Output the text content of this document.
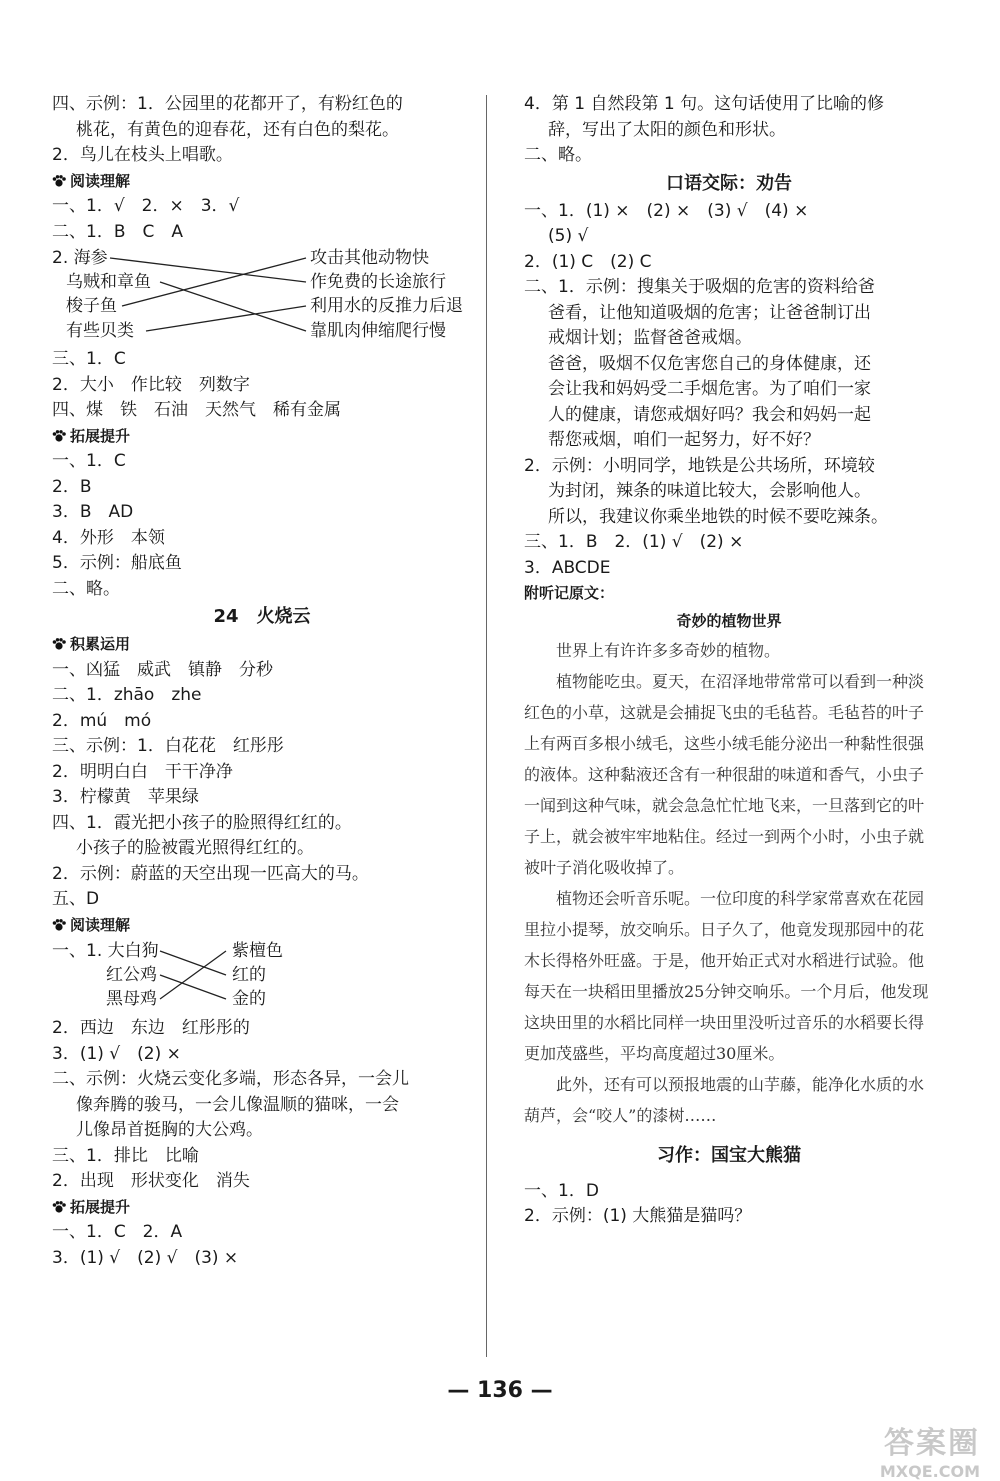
四、示例：1．公园里的花都开了，有粉红色的
桃花，有黄色的迎春花，还有白色的梨花。
2．鸟儿在枝头上唱歌。
阅读理解
一、1．√　2．×　3．√
二、1．B　C　A
2. 海参
乌贼和章鱼
梭子鱼
有些贝类
攻击其他动物快
作免费的长途旅行
利用水的反推力后退
靠肌肉伸缩爬行慢
三、1．C
2．大小　作比较　列数字
四、煤　铁　石油　天然气　稀有金属
拓展提升
一、1．C
2．B
3．B　AD
4．外形　本领
5．示例：船底鱼
二、略。
24　火烧云
积累运用
一、凶猛　威武　镇静　分秒
二、1．zhāo　zhe
2．mú　mó
三、示例：1．白花花　红彤彤
2．明明白白　干干净净
3．柠檬黄　苹果绿
四、1．霞光把小孩子的脸照得红红的。
小孩子的脸被霞光照得红红的。
2．示例：蔚蓝的天空出现一匹高大的马。
五、D
阅读理解
一、1. 大白狗
红公鸡
黑母鸡
紫檀色
红的
金的
2．西边　东边　红彤彤的
3．(1) √　(2) ×
二、示例：火烧云变化多端，形态各异，一会儿
像奔腾的骏马，一会儿像温顺的猫咪，一会
儿像昂首挺胸的大公鸡。
三、1．排比　比喻
2．出现　形状变化　消失
拓展提升
一、1．C　2．A
3．(1) √　(2) √　(3) ×
4．第 1 自然段第 1 句。这句话使用了比喻的修
辞，写出了太阳的颜色和形状。
二、略。
口语交际：劝告
一、1．(1) ×　(2) ×　(3) √　(4) ×
(5) √
2．(1) C　(2) C
二、1．示例：搜集关于吸烟的危害的资料给爸
爸看，让他知道吸烟的危害；让爸爸制订出
戒烟计划；监督爸爸戒烟。
爸爸，吸烟不仅危害您自己的身体健康，还
会让我和妈妈受二手烟危害。为了咱们一家
人的健康，请您戒烟好吗？我会和妈妈一起
帮您戒烟，咱们一起努力，好不好？
2．示例：小明同学，地铁是公共场所，环境较
为封闭，辣条的味道比较大，会影响他人。
所以，我建议你乘坐地铁的时候不要吃辣条。
三、1．B　2．(1) √　(2) ×
3．ABCDE
附听记原文：
奇妙的植物世界

世界上有许许多多奇妙的植物。

植物能吃虫。夏天，在沼泽地带常常可以看到一种淡红色的小草，这就是会捕捉飞虫的毛毡苔。毛毡苔的叶子上有两百多根小绒毛，这些小绒毛能分泌出一种黏性很强的液体。这种黏液还含有一种很甜的味道和香气，小虫子一闻到这种气味，就会急急忙忙地飞来，一旦落到它的叶子上，就会被牢牢地粘住。经过一到两个小时，小虫子就被叶子消化吸收掉了。

植物还会听音乐呢。一位印度的科学家常喜欢在花园里拉小提琴，放交响乐。日子久了，他竟发现那园中的花木长得格外旺盛。于是，他开始正式对水稻进行试验。他每天在一块稻田里播放25分钟交响乐。一个月后，他发现这块田里的水稻比同样一块田里没听过音乐的水稻要长得更加茂盛些，平均高度超过30厘米。

此外，还有可以预报地震的山芋藤，能净化水质的水葫芦，会“咬人”的漆树……

习作：国宝大熊猫
一、1．D
2．示例：(1) 大熊猫是猫吗？
— 136 —
答案圈
MXQE.COM
